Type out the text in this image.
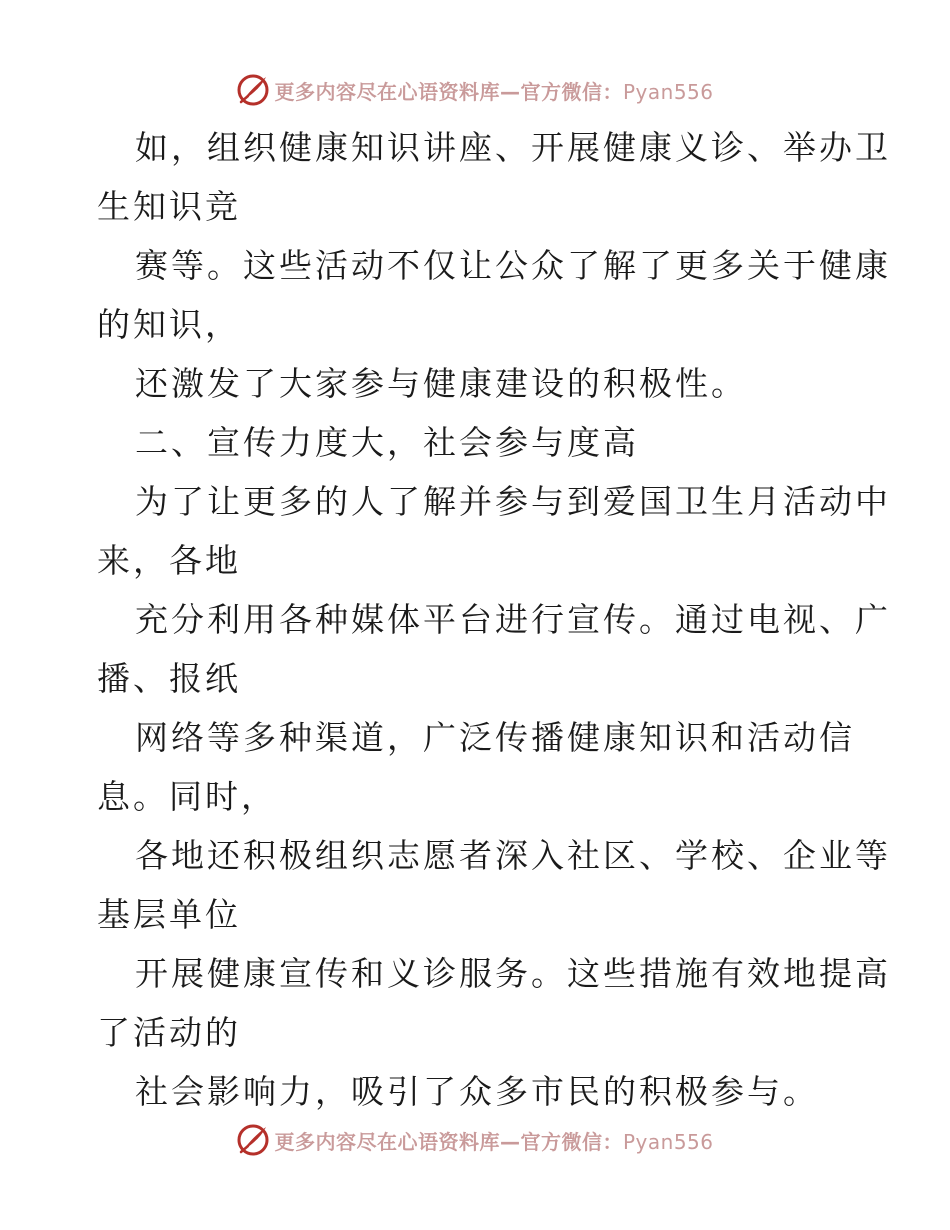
更多内容尽在心语资料库—官方微信：Pyan556
如，组织健康知识讲座、开展健康义诊、举办卫
生知识竞
赛等。这些活动不仅让公众了解了更多关于健康
的知识，
还激发了大家参与健康建设的积极性。
二、宣传力度大，社会参与度高
为了让更多的人了解并参与到爱国卫生月活动中
来，各地
充分利用各种媒体平台进行宣传。通过电视、广
播、报纸
网络等多种渠道，广泛传播健康知识和活动信
息。同时，
各地还积极组织志愿者深入社区、学校、企业等
基层单位
开展健康宣传和义诊服务。这些措施有效地提高
了活动的
社会影响力，吸引了众多市民的积极参与。
更多内容尽在心语资料库—官方微信：Pyan556
